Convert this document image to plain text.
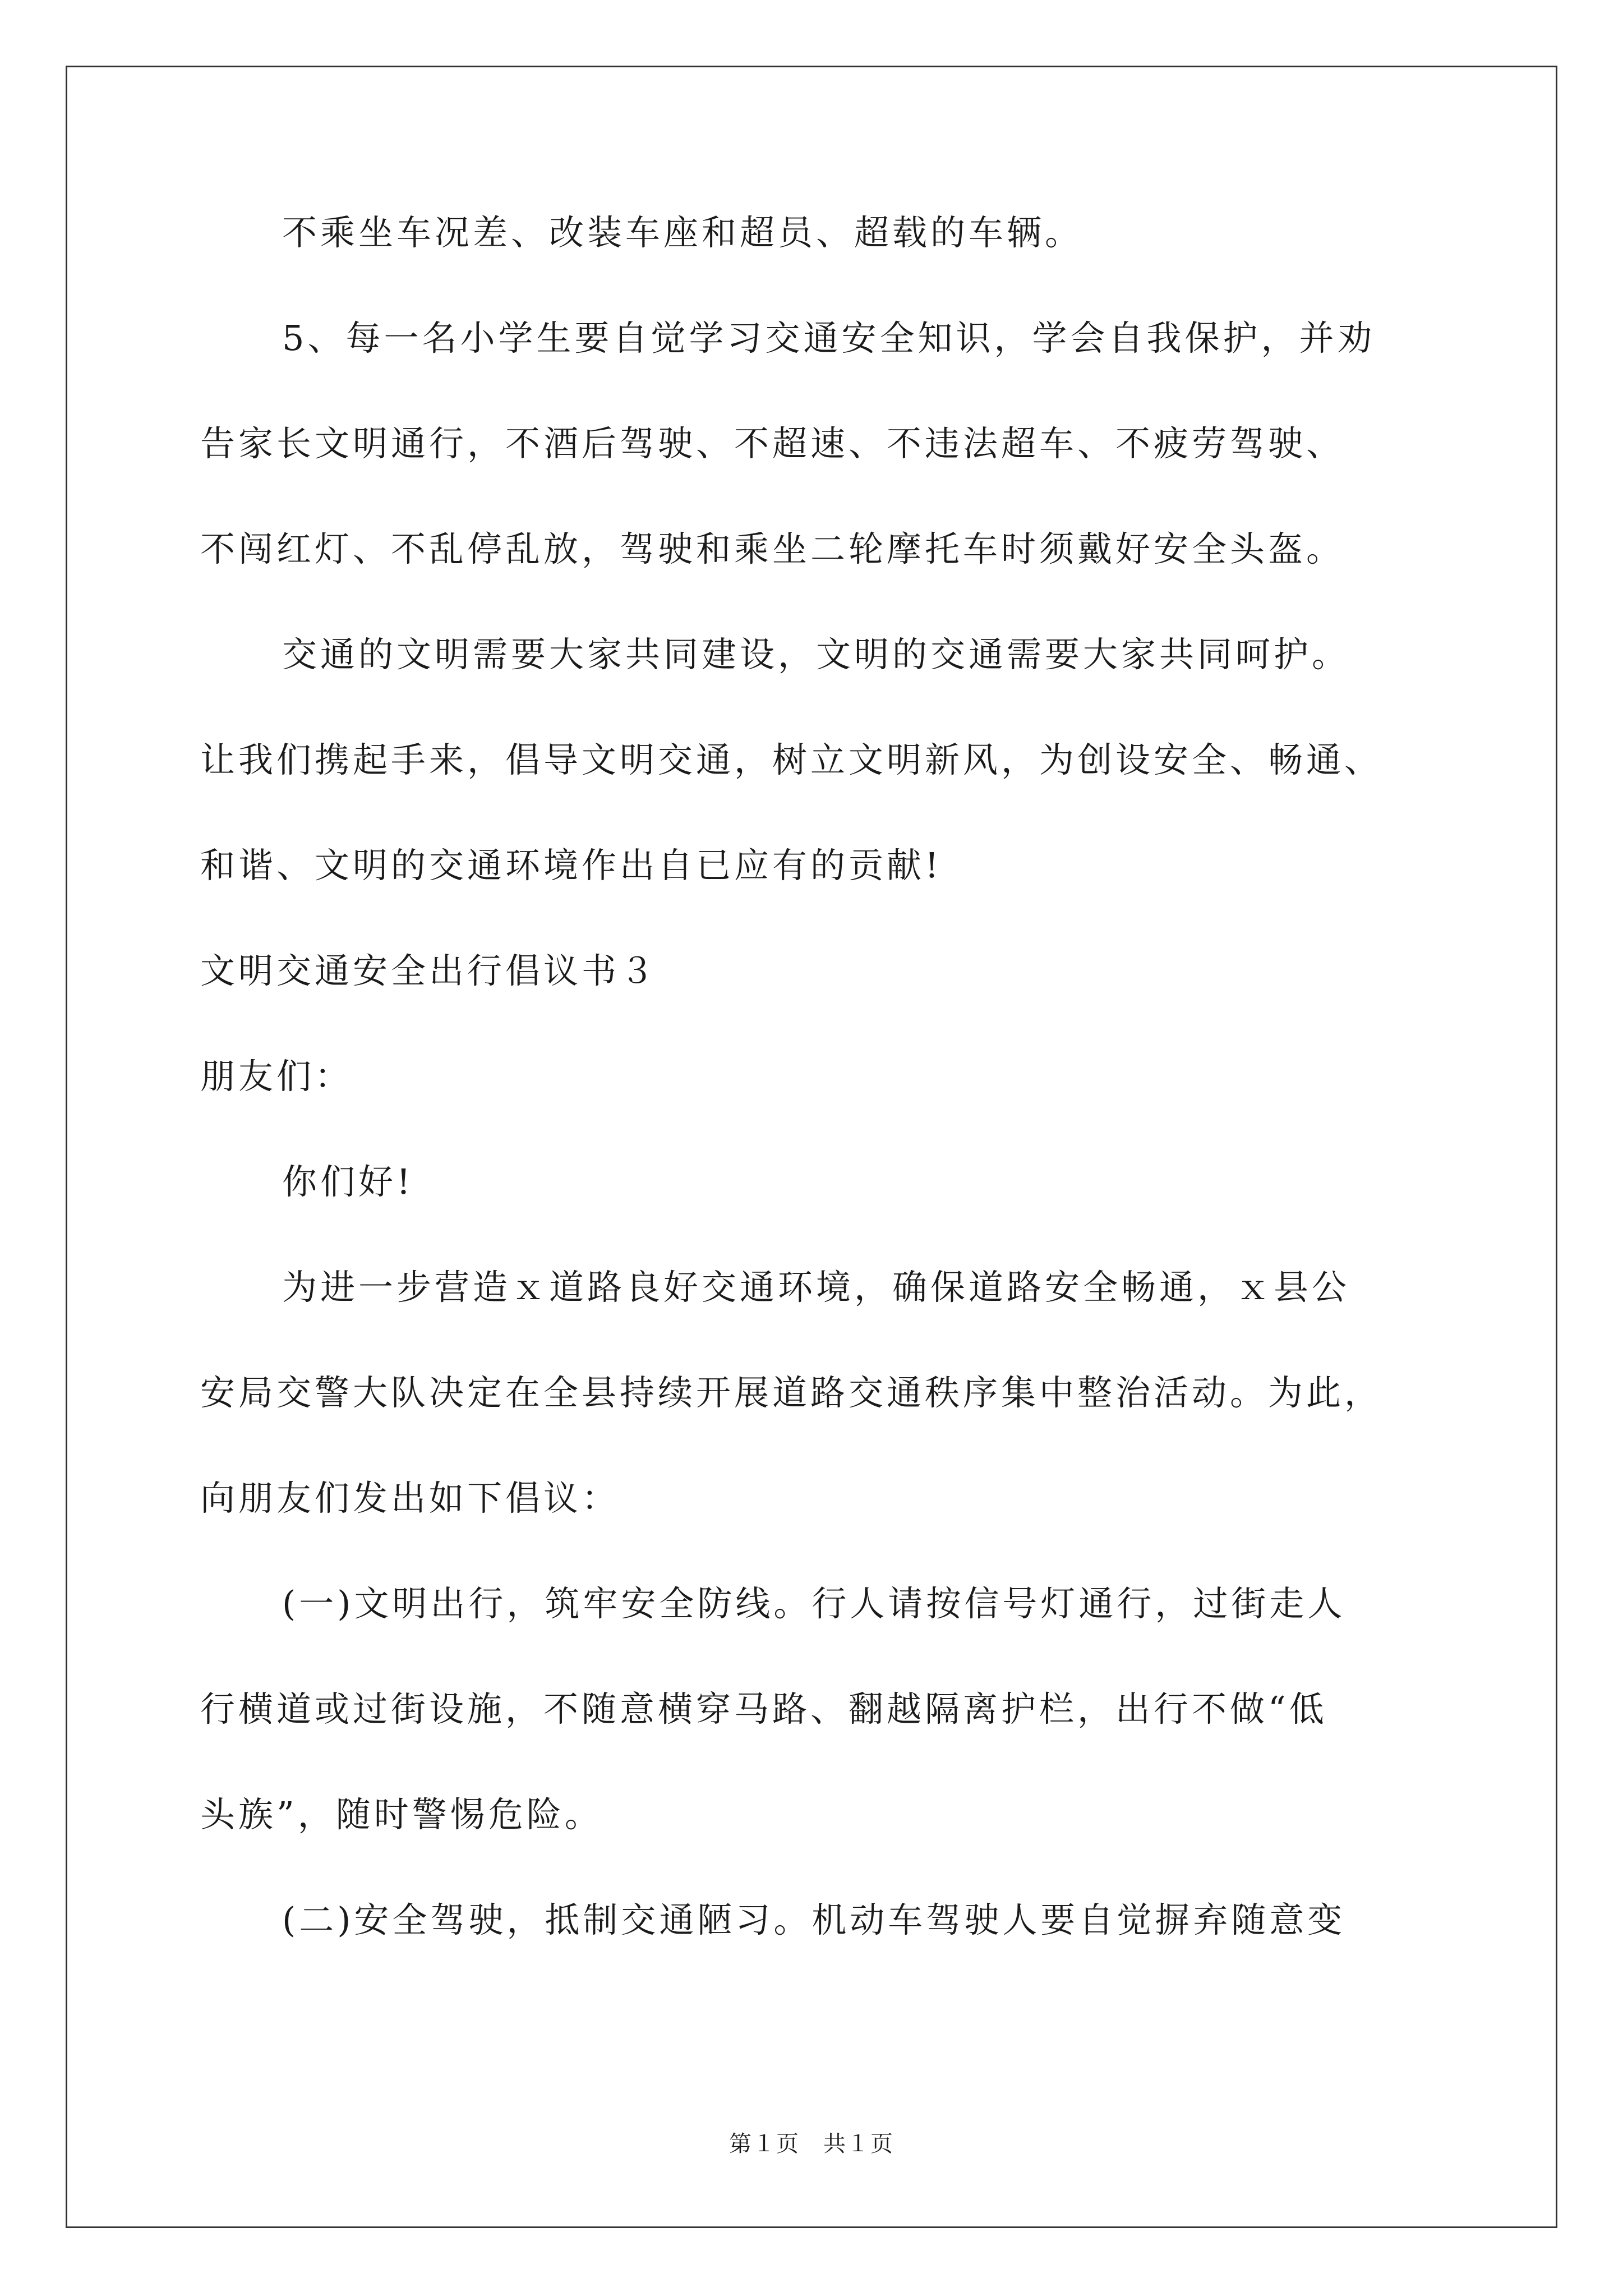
不乘坐车况差、改装车座和超员、超载的车辆。
5、每一名小学生要自觉学习交通安全知识，学会自我保护，并劝
告家长文明通行，不酒后驾驶、不超速、不违法超车、不疲劳驾驶、
不闯红灯、不乱停乱放，驾驶和乘坐二轮摩托车时须戴好安全头盔。
交通的文明需要大家共同建设，文明的交通需要大家共同呵护。
让我们携起手来，倡导文明交通，树立文明新风，为创设安全、畅通、
和谐、文明的交通环境作出自已应有的贡献!
文明交通安全出行倡议书３
朋友们：
你们好!
为进一步营造ｘ道路良好交通环境，确保道路安全畅通，ｘ县公
安局交警大队决定在全县持续开展道路交通秩序集中整治活动。为此，
向朋友们发出如下倡议：
(一)文明出行，筑牢安全防线。行人请按信号灯通行，过街走人
行横道或过街设施，不随意横穿马路、翻越隔离护栏，出行不做“低
头族”，随时警惕危险。
(二)安全驾驶，抵制交通陋习。机动车驾驶人要自觉摒弃随意变
第１页　共１页
